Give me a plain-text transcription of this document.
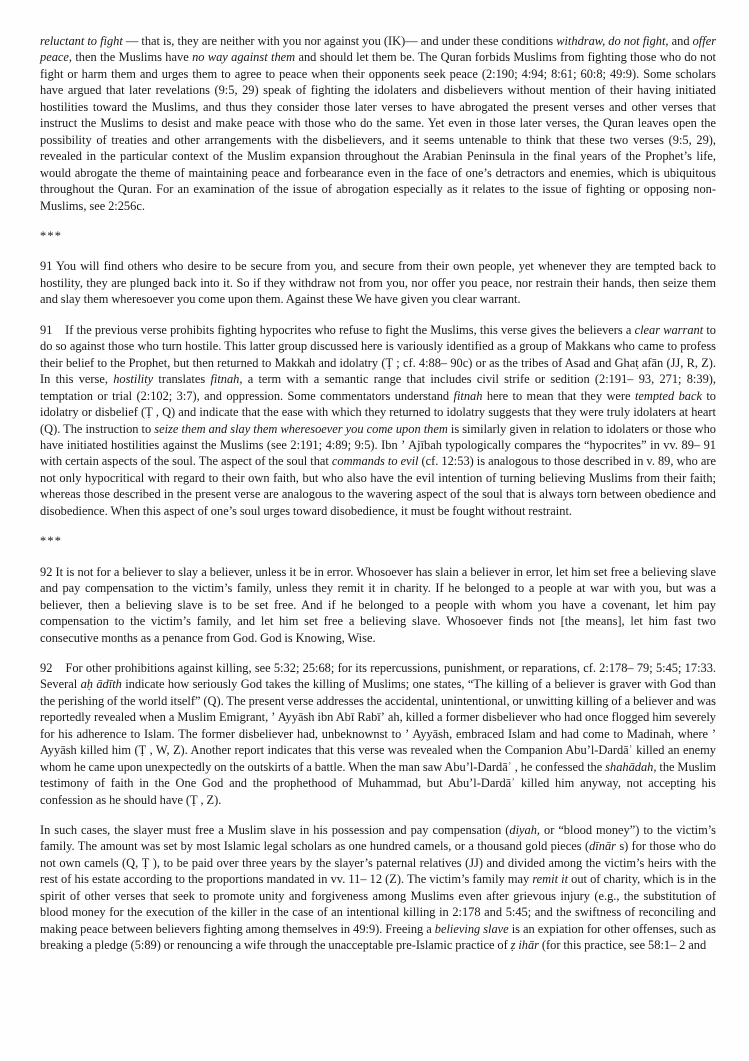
reluctant to fight — that is, they are neither with you nor against you (IK)— and under these conditions withdraw, do not fight, and offer peace, then the Muslims have no way against them and should let them be. The Quran forbids Muslims from fighting those who do not fight or harm them and urges them to agree to peace when their opponents seek peace (2:190; 4:94; 8:61; 60:8; 49:9). Some scholars have argued that later revelations (9:5, 29) speak of fighting the idolaters and disbelievers without mention of their having initiated hostilities toward the Muslims, and thus they consider those later verses to have abrogated the present verses and other verses that instruct the Muslims to desist and make peace with those who do the same. Yet even in those later verses, the Quran leaves open the possibility of treaties and other arrangements with the disbelievers, and it seems untenable to think that these two verses (9:5, 29), revealed in the particular context of the Muslim expansion throughout the Arabian Peninsula in the final years of the Prophet’s life, would abrogate the theme of maintaining peace and forbearance even in the face of one’s detractors and enemies, which is ubiquitous throughout the Quran. For an examination of the issue of abrogation especially as it relates to the issue of fighting or opposing non-Muslims, see 2:256c.

***

91 You will find others who desire to be secure from you, and secure from their own people, yet whenever they are tempted back to hostility, they are plunged back into it. So if they withdraw not from you, nor offer you peace, nor restrain their hands, then seize them and slay them wheresoever you come upon them. Against these We have given you clear warrant.

91 If the previous verse prohibits fighting hypocrites who refuse to fight the Muslims, this verse gives the believers a clear warrant to do so against those who turn hostile. This latter group discussed here is variously identified as a group of Makkans who came to profess their belief to the Prophet, but then returned to Makkah and idolatry (Ṭ ; cf. 4:88– 90c) or as the tribes of Asad and Ghaṭ afān (JJ, R, Z). In this verse, hostility translates fitnah, a term with a semantic range that includes civil strife or sedition (2:191– 93, 271; 8:39), temptation or trial (2:102; 3:7), and oppression. Some commentators understand fitnah here to mean that they were tempted back to idolatry or disbelief (Ṭ , Q) and indicate that the ease with which they returned to idolatry suggests that they were truly idolaters at heart (Q). The instruction to seize them and slay them wheresoever you come upon them is similarly given in relation to idolaters or those who have initiated hostilities against the Muslims (see 2:191; 4:89; 9:5). Ibn ʼ Ajībah typologically compares the “hypocrites” in vv. 89– 91 with certain aspects of the soul. The aspect of the soul that commands to evil (cf. 12:53) is analogous to those described in v. 89, who are not only hypocritical with regard to their own faith, but who also have the evil intention of turning believing Muslims from their faith; whereas those described in the present verse are analogous to the wavering aspect of the soul that is always torn between obedience and disobedience. When this aspect of one’s soul urges toward disobedience, it must be fought without restraint.

***

92 It is not for a believer to slay a believer, unless it be in error. Whosoever has slain a believer in error, let him set free a believing slave and pay compensation to the victim’s family, unless they remit it in charity. If he belonged to a people at war with you, but was a believer, then a believing slave is to be set free. And if he belonged to a people with whom you have a covenant, let him pay compensation to the victim’s family, and let him set free a believing slave. Whosoever finds not [the means], let him fast two consecutive months as a penance from God. God is Knowing, Wise.

92 For other prohibitions against killing, see 5:32; 25:68; for its repercussions, punishment, or reparations, cf. 2:178– 79; 5:45; 17:33. Several aḥ ādīth indicate how seriously God takes the killing of Muslims; one states, “The killing of a believer is graver with God than the perishing of the world itself” (Q). The present verse addresses the accidental, unintentional, or unwitting killing of a believer and was reportedly revealed when a Muslim Emigrant, ʼ Ayyāsh ibn Abī Rabīʼ ah, killed a former disbeliever who had once flogged him severely for his adherence to Islam. The former disbeliever had, unbeknownst to ʼ Ayyāsh, embraced Islam and had come to Madinah, where ʼ Ayyāsh killed him (Ṭ , W, Z). Another report indicates that this verse was revealed when the Companion Abu’l-Dardāʾ killed an enemy whom he came upon unexpectedly on the outskirts of a battle. When the man saw Abu’l-Dardāʾ , he confessed the shahādah, the Muslim testimony of faith in the One God and the prophethood of Muhammad, but Abu’l-Dardāʾ killed him anyway, not accepting his confession as he should have (Ṭ , Z).

In such cases, the slayer must free a Muslim slave in his possession and pay compensation (diyah, or “blood money”) to the victim’s family. The amount was set by most Islamic legal scholars as one hundred camels, or a thousand gold pieces (dīnār s) for those who do not own camels (Q, Ṭ ), to be paid over three years by the slayer’s paternal relatives (JJ) and divided among the victim’s heirs with the rest of his estate according to the proportions mandated in vv. 11– 12 (Z). The victim’s family may remit it out of charity, which is in the spirit of other verses that seek to promote unity and forgiveness among Muslims even after grievous injury (e.g., the substitution of blood money for the execution of the killer in the case of an intentional killing in 2:178 and 5:45; and the swiftness of reconciling and making peace between believers fighting among themselves in 49:9). Freeing a believing slave is an expiation for other offenses, such as breaking a pledge (5:89) or renouncing a wife through the unacceptable pre-Islamic practice of ẓ ihār (for this practice, see 58:1– 2 and
